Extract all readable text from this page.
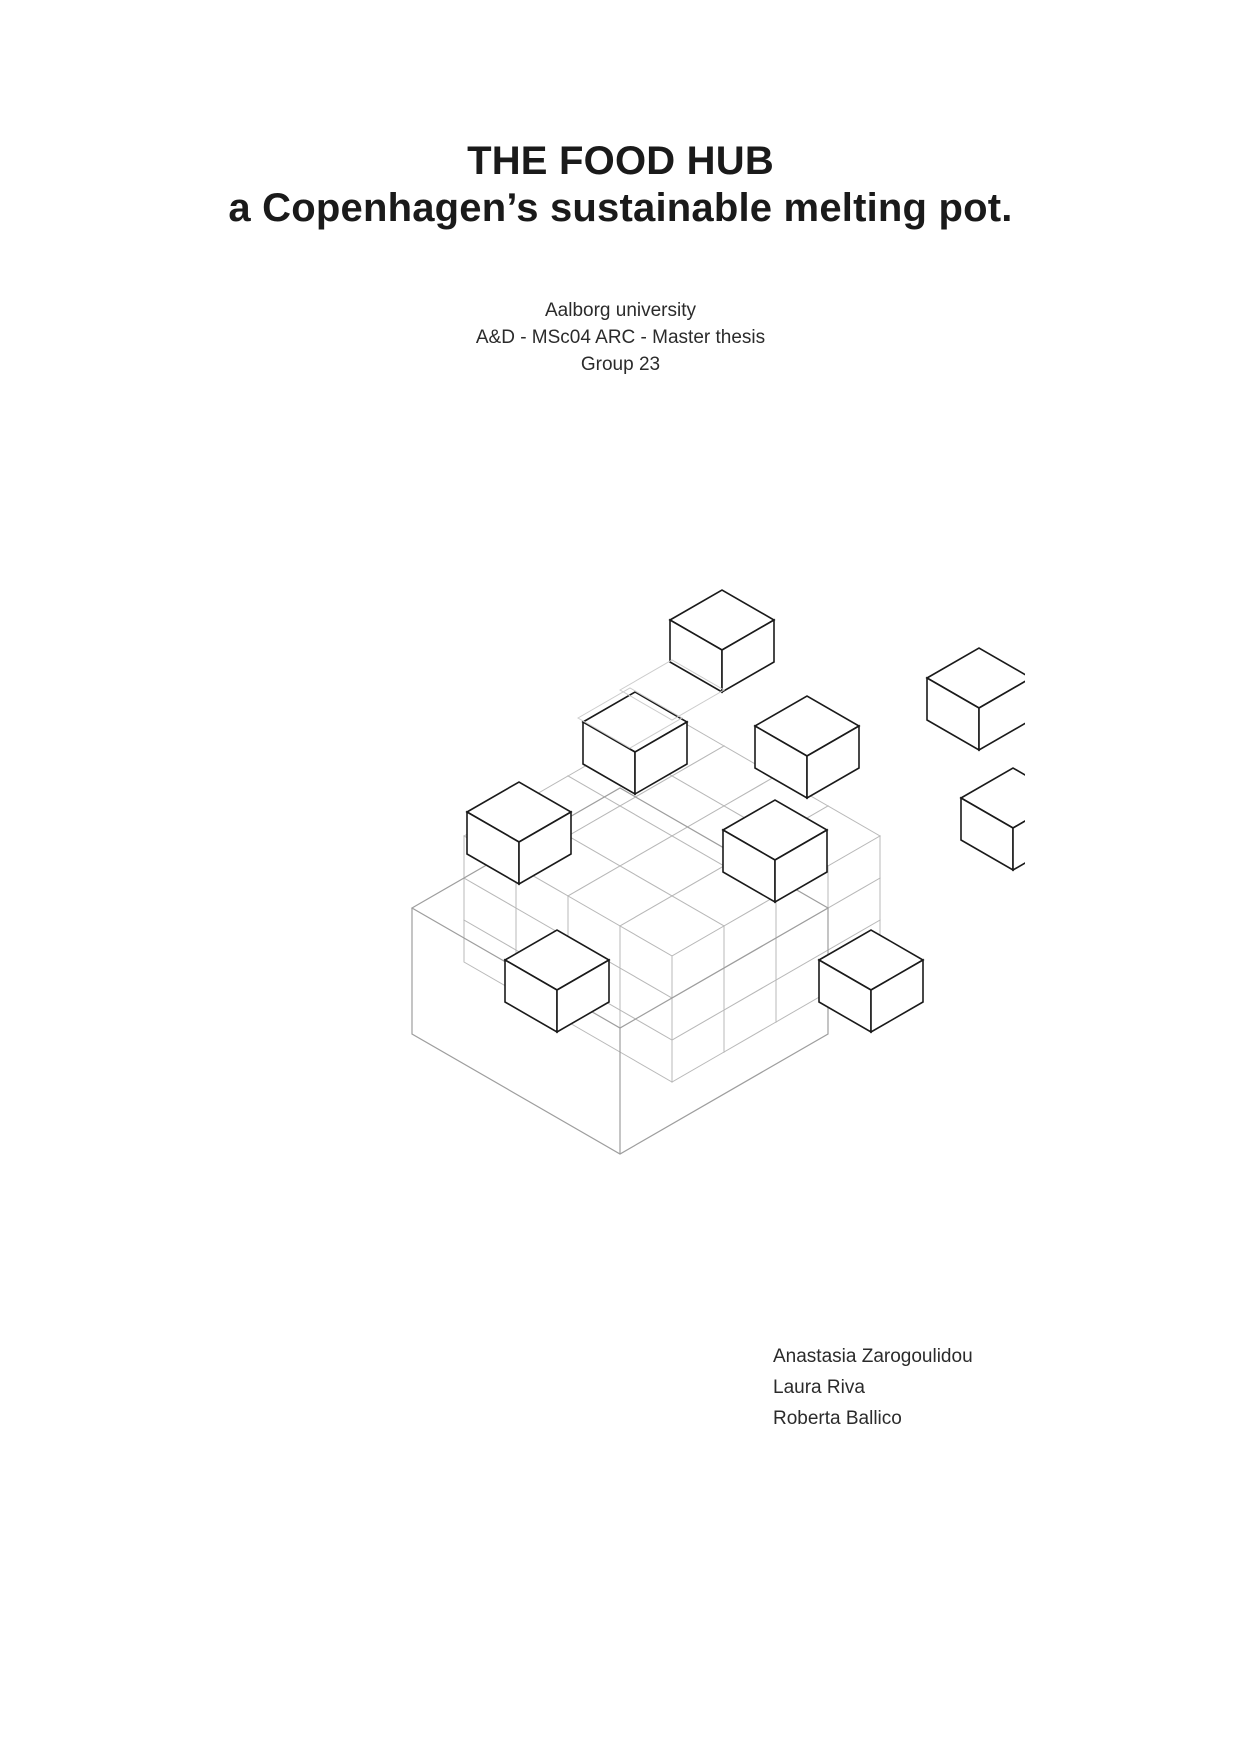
THE FOOD HUB
a Copenhagen’s sustainable melting pot.
Aalborg university
A&D - MSc04 ARC - Master thesis
Group 23
Anastasia Zarogoulidou
Laura Riva
Roberta Ballico
